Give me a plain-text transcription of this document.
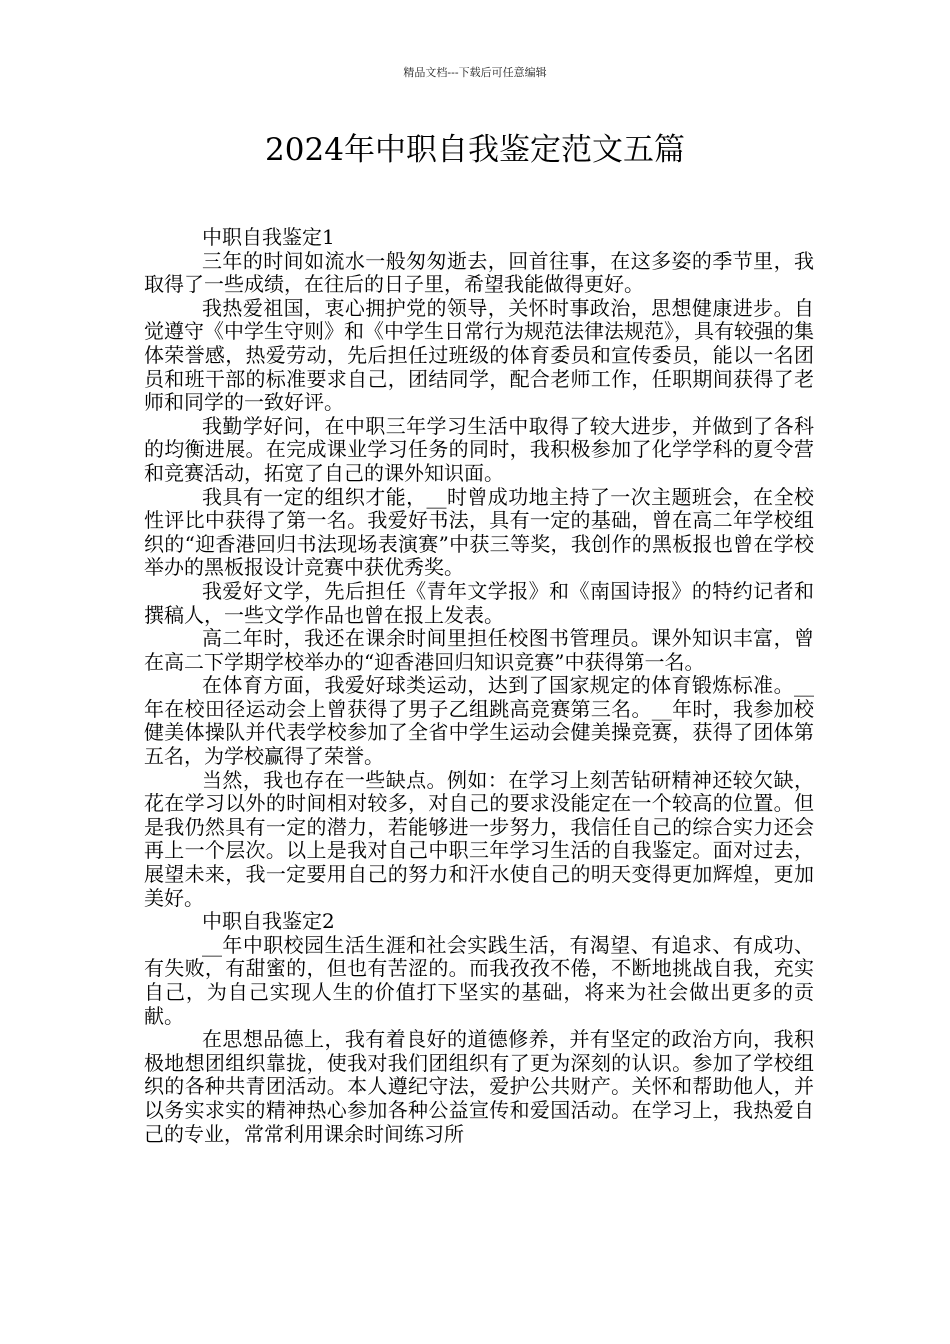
精品文档---下载后可任意编辑
2024年中职自我鉴定范文五篇

中职自我鉴定1

三年的时间如流水一般匆匆逝去，回首往事，在这多姿的季节里，我取得了一些成绩，在往后的日子里，希望我能做得更好。

我热爱祖国，衷心拥护党的领导，关怀时事政治，思想健康进步。自觉遵守《中学生守则》和《中学生日常行为规范法律法规范》，具有较强的集体荣誉感，热爱劳动，先后担任过班级的体育委员和宣传委员，能以一名团员和班干部的标准要求自己，团结同学，配合老师工作，任职期间获得了老师和同学的一致好评。

我勤学好问，在中职三年学习生活中取得了较大进步，并做到了各科的均衡进展。在完成课业学习任务的同时，我积极参加了化学学科的夏令营和竞赛活动，拓宽了自己的课外知识面。

我具有一定的组织才能，__时曾成功地主持了一次主题班会，在全校性评比中获得了第一名。我爱好书法，具有一定的基础，曾在高二年学校组织的“迎香港回归书法现场表演赛”中获三等奖，我创作的黑板报也曾在学校举办的黑板报设计竞赛中获优秀奖。

我爱好文学，先后担任《青年文学报》和《南国诗报》的特约记者和撰稿人，一些文学作品也曾在报上发表。

高二年时，我还在课余时间里担任校图书管理员。课外知识丰富，曾在高二下学期学校举办的“迎香港回归知识竞赛”中获得第一名。

在体育方面，我爱好球类运动，达到了国家规定的体育锻炼标准。__年在校田径运动会上曾获得了男子乙组跳高竞赛第三名。__年时，我参加校健美体操队并代表学校参加了全省中学生运动会健美操竞赛，获得了团体第五名，为学校赢得了荣誉。

当然，我也存在一些缺点。例如：在学习上刻苦钻研精神还较欠缺，花在学习以外的时间相对较多，对自己的要求没能定在一个较高的位置。但是我仍然具有一定的潜力，若能够进一步努力，我信任自己的综合实力还会再上一个层次。以上是我对自己中职三年学习生活的自我鉴定。面对过去，展望未来，我一定要用自己的努力和汗水使自己的明天变得更加辉煌，更加美好。

中职自我鉴定2

__年中职校园生活生涯和社会实践生活，有渴望、有追求、有成功、有失败，有甜蜜的，但也有苦涩的。而我孜孜不倦，不断地挑战自我，充实自己，为自己实现人生的价值打下坚实的基础，将来为社会做出更多的贡献。

在思想品德上，我有着良好的道德修养，并有坚定的政治方向，我积极地想团组织靠拢，使我对我们团组织有了更为深刻的认识。参加了学校组织的各种共青团活动。本人遵纪守法，爱护公共财产。关怀和帮助他人，并以务实求实的精神热心参加各种公益宣传和爱国活动。在学习上，我热爱自己的专业，常常利用课余时间练习所
